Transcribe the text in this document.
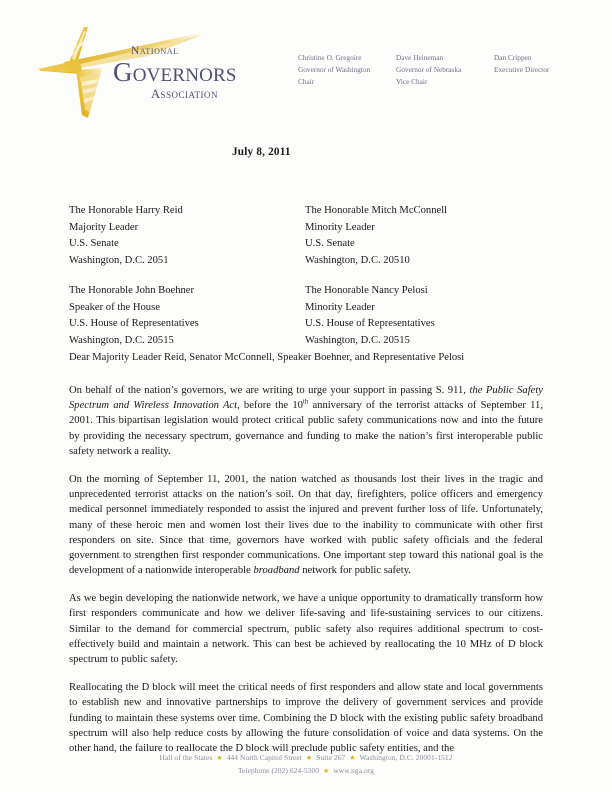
National
Governors
Association
Christine O. Gregoire
Governor of Washington
Chair
Dave Heineman
Governor of Nebraska
Vice Chair
Dan Crippen
Executive Director
July 8, 2011
The Honorable Harry Reid
Majority Leader
U.S. Senate
Washington, D.C. 2051
The Honorable Mitch McConnell
Minority Leader
U.S. Senate
Washington, D.C. 20510
The Honorable John Boehner
Speaker of the House
U.S. House of Representatives
Washington, D.C. 20515
The Honorable Nancy Pelosi
Minority Leader
U.S. House of Representatives
Washington, D.C. 20515
Dear Majority Leader Reid, Senator McConnell, Speaker Boehner, and Representative Pelosi

On behalf of the nation’s governors, we are writing to urge your support in passing S. 911, the Public Safety Spectrum and Wireless Innovation Act, before the 10th anniversary of the terrorist attacks of September 11, 2001. This bipartisan legislation would protect critical public safety communications now and into the future by providing the necessary spectrum, governance and funding to make the nation’s first interoperable public safety network a reality.

On the morning of September 11, 2001, the nation watched as thousands lost their lives in the tragic and unprecedented terrorist attacks on the nation’s soil. On that day, firefighters, police officers and emergency medical personnel immediately responded to assist the injured and prevent further loss of life. Unfortunately, many of these heroic men and women lost their lives due to the inability to communicate with other first responders on site. Since that time, governors have worked with public safety officials and the federal government to strengthen first responder communications. One important step toward this national goal is the development of a nationwide interoperable broadband network for public safety.

As we begin developing the nationwide network, we have a unique opportunity to dramatically transform how first responders communicate and how we deliver life-saving and life-sustaining services to our citizens. Similar to the demand for commercial spectrum, public safety also requires additional spectrum to cost-effectively build and maintain a network. This can best be achieved by reallocating the 10 MHz of D block spectrum to public safety.

Reallocating the D block will meet the critical needs of first responders and allow state and local governments to establish new and innovative partnerships to improve the delivery of government services and provide funding to maintain these systems over time. Combining the D block with the existing public safety broadband spectrum will also help reduce costs by allowing the future consolidation of voice and data systems. On the other hand, the failure to reallocate the D block will preclude public safety entities, and the

Hall of the States ★ 444 North Capitol Street ★ Suite 267 ★ Washington, D.C. 20001-1512
Telephone (202) 624-5300 ★ www.nga.org
